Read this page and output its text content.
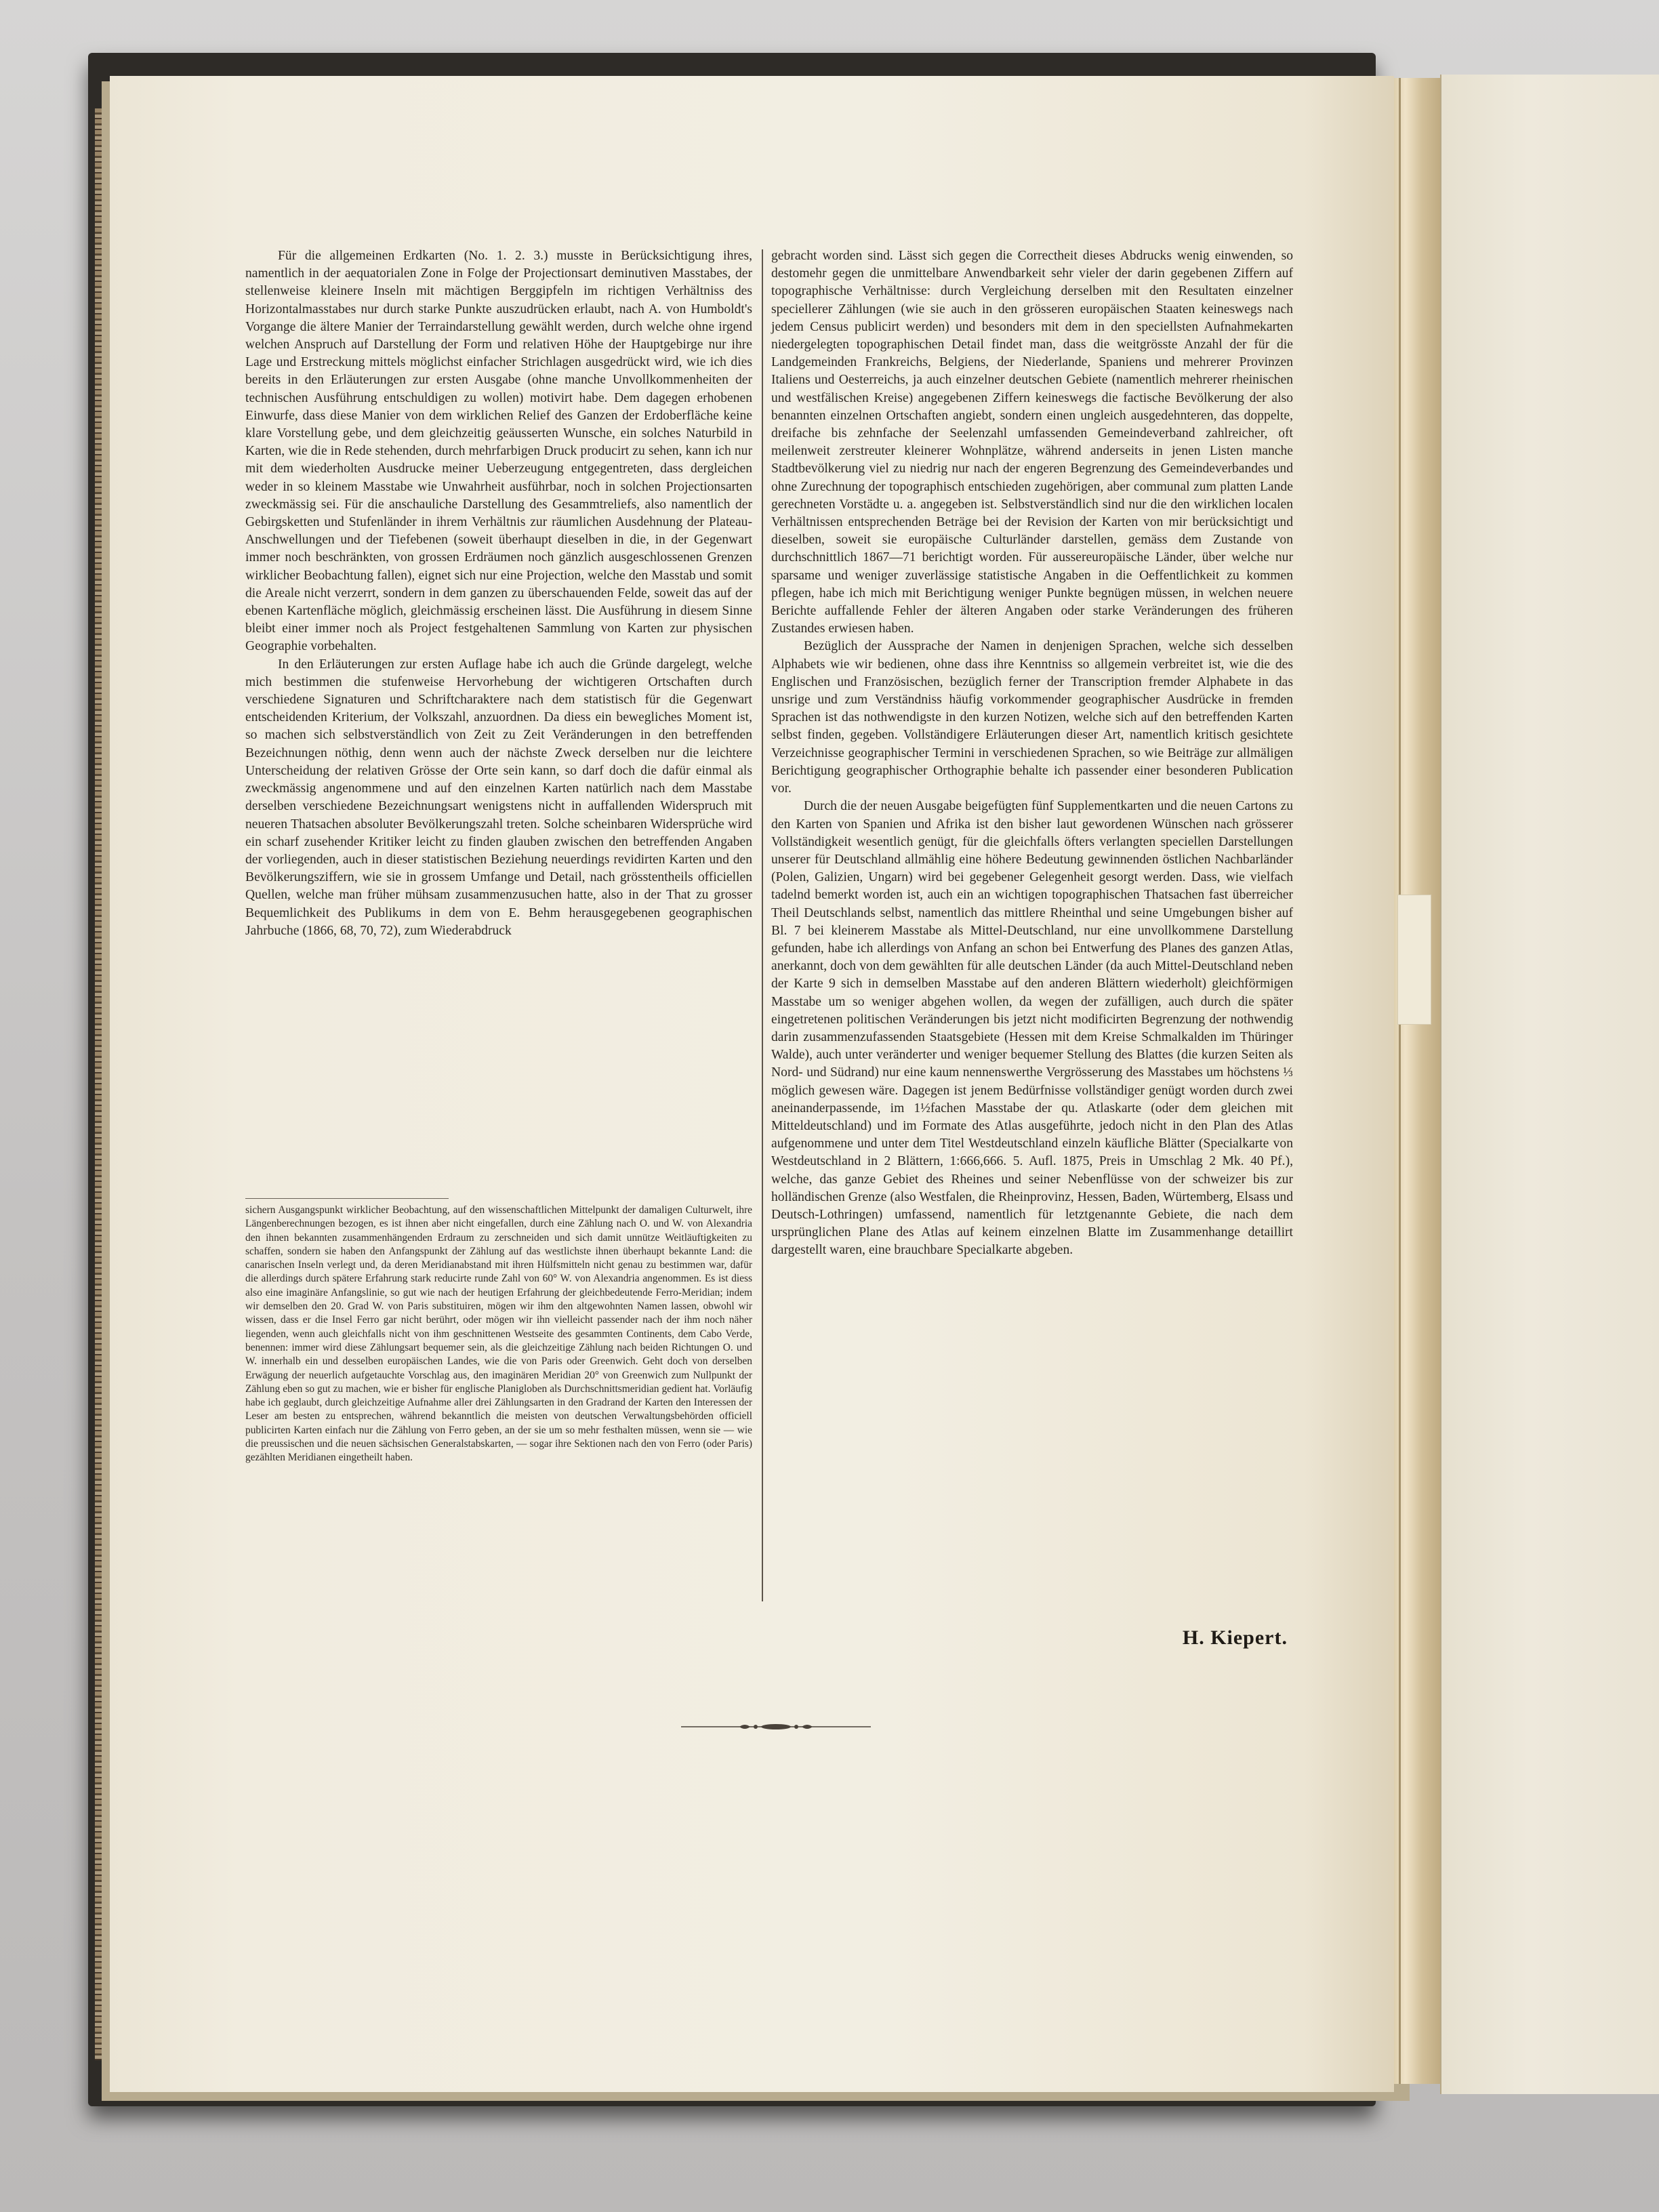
Für die allgemeinen Erdkarten (No. 1. 2. 3.) musste in Berücksichtigung ihres, namentlich in der aequatorialen Zone in Folge der Projectionsart deminutiven Masstabes, der stellenweise kleinere Inseln mit mächtigen Berggipfeln im richtigen Verhältniss des Horizontalmasstabes nur durch starke Punkte auszudrücken erlaubt, nach A. von Humboldt's Vorgange die ältere Manier der Terraindarstellung gewählt werden, durch welche ohne irgend welchen Anspruch auf Darstellung der Form und relativen Höhe der Hauptgebirge nur ihre Lage und Erstreckung mittels möglichst einfacher Strichlagen ausgedrückt wird, wie ich dies bereits in den Erläuterungen zur ersten Ausgabe (ohne manche Unvollkommenheiten der technischen Ausführung entschuldigen zu wollen) motivirt habe. Dem dagegen erhobenen Einwurfe, dass diese Manier von dem wirklichen Relief des Ganzen der Erdoberfläche keine klare Vorstellung gebe, und dem gleichzeitig geäusserten Wunsche, ein solches Naturbild in Karten, wie die in Rede stehenden, durch mehrfarbigen Druck producirt zu sehen, kann ich nur mit dem wiederholten Ausdrucke meiner Ueberzeugung entgegentreten, dass dergleichen weder in so kleinem Masstabe wie Unwahrheit ausführbar, noch in solchen Projectionsarten zweckmässig sei. Für die anschauliche Darstellung des Gesammtreliefs, also namentlich der Gebirgsketten und Stufenländer in ihrem Verhältnis zur räumlichen Ausdehnung der Plateau-Anschwellungen und der Tiefebenen (soweit überhaupt dieselben in die, in der Gegenwart immer noch beschränkten, von grossen Erdräumen noch gänzlich ausgeschlossenen Grenzen wirklicher Beobachtung fallen), eignet sich nur eine Projection, welche den Masstab und somit die Areale nicht verzerrt, sondern in dem ganzen zu überschauenden Felde, soweit das auf der ebenen Kartenfläche möglich, gleichmässig erscheinen lässt. Die Ausführung in diesem Sinne bleibt einer immer noch als Project festgehaltenen Sammlung von Karten zur physischen Geographie vorbehalten.

In den Erläuterungen zur ersten Auflage habe ich auch die Gründe dargelegt, welche mich bestimmen die stufenweise Hervorhebung der wichtigeren Ortschaften durch verschiedene Signaturen und Schriftcharaktere nach dem statistisch für die Gegenwart entscheidenden Kriterium, der Volkszahl, anzuordnen. Da diess ein bewegliches Moment ist, so machen sich selbstverständlich von Zeit zu Zeit Veränderungen in den betreffenden Bezeichnungen nöthig, denn wenn auch der nächste Zweck derselben nur die leichtere Unterscheidung der relativen Grösse der Orte sein kann, so darf doch die dafür einmal als zweckmässig angenommene und auf den einzelnen Karten natürlich nach dem Masstabe derselben verschiedene Bezeichnungsart wenigstens nicht in auffallenden Widerspruch mit neueren Thatsachen absoluter Bevölkerungszahl treten. Solche scheinbaren Widersprüche wird ein scharf zusehender Kritiker leicht zu finden glauben zwischen den betreffenden Angaben der vorliegenden, auch in dieser statistischen Beziehung neuerdings revidirten Karten und den Bevölkerungsziffern, wie sie in grossem Umfange und Detail, nach grösstentheils officiellen Quellen, welche man früher mühsam zusammenzusuchen hatte, also in der That zu grosser Bequemlichkeit des Publikums in dem von E. Behm herausgegebenen geographischen Jahrbuche (1866, 68, 70, 72), zum Wiederabdruck

sichern Ausgangspunkt wirklicher Beobachtung, auf den wissenschaftlichen Mittelpunkt der damaligen Culturwelt, ihre Längenberechnungen bezogen, es ist ihnen aber nicht eingefallen, durch eine Zählung nach O. und W. von Alexandria den ihnen bekannten zusammenhängenden Erdraum zu zerschneiden und sich damit unnütze Weitläuftigkeiten zu schaffen, sondern sie haben den Anfangspunkt der Zählung auf das westlichste ihnen überhaupt bekannte Land: die canarischen Inseln verlegt und, da deren Meridianabstand mit ihren Hülfsmitteln nicht genau zu bestimmen war, dafür die allerdings durch spätere Erfahrung stark reducirte runde Zahl von 60° W. von Alexandria angenommen. Es ist diess also eine imaginäre Anfangslinie, so gut wie nach der heutigen Erfahrung der gleichbedeutende Ferro-Meridian; indem wir demselben den 20. Grad W. von Paris substituiren, mögen wir ihm den altgewohnten Namen lassen, obwohl wir wissen, dass er die Insel Ferro gar nicht berührt, oder mögen wir ihn vielleicht passender nach der ihm noch näher liegenden, wenn auch gleichfalls nicht von ihm geschnittenen Westseite des gesammten Continents, dem Cabo Verde, benennen: immer wird diese Zählungsart bequemer sein, als die gleichzeitige Zählung nach beiden Richtungen O. und W. innerhalb ein und desselben europäischen Landes, wie die von Paris oder Greenwich. Geht doch von derselben Erwägung der neuerlich aufgetauchte Vorschlag aus, den imaginären Meridian 20° von Greenwich zum Nullpunkt der Zählung eben so gut zu machen, wie er bisher für englische Planigloben als Durchschnittsmeridian gedient hat. Vorläufig habe ich geglaubt, durch gleichzeitige Aufnahme aller drei Zählungsarten in den Gradrand der Karten den Interessen der Leser am besten zu entsprechen, während bekanntlich die meisten von deutschen Verwaltungsbehörden officiell publicirten Karten einfach nur die Zählung von Ferro geben, an der sie um so mehr festhalten müssen, wenn sie — wie die preussischen und die neuen sächsischen Generalstabskarten, — sogar ihre Sektionen nach den von Ferro (oder Paris) gezählten Meridianen eingetheilt haben.

gebracht worden sind. Lässt sich gegen die Correctheit dieses Abdrucks wenig einwenden, so destomehr gegen die unmittelbare Anwendbarkeit sehr vieler der darin gegebenen Ziffern auf topographische Verhältnisse: durch Vergleichung derselben mit den Resultaten einzelner speciellerer Zählungen (wie sie auch in den grösseren europäischen Staaten keineswegs nach jedem Census publicirt werden) und besonders mit dem in den speciellsten Aufnahmekarten niedergelegten topographischen Detail findet man, dass die weitgrösste Anzahl der für die Landgemeinden Frankreichs, Belgiens, der Niederlande, Spaniens und mehrerer Provinzen Italiens und Oesterreichs, ja auch einzelner deutschen Gebiete (namentlich mehrerer rheinischen und westfälischen Kreise) angegebenen Ziffern keineswegs die factische Bevölkerung der also benannten einzelnen Ortschaften angiebt, sondern einen ungleich ausgedehnteren, das doppelte, dreifache bis zehnfache der Seelenzahl umfassenden Gemeindeverband zahlreicher, oft meilenweit zerstreuter kleinerer Wohnplätze, während anderseits in jenen Listen manche Stadtbevölkerung viel zu niedrig nur nach der engeren Begrenzung des Gemeindeverbandes und ohne Zurechnung der topographisch entschieden zugehörigen, aber communal zum platten Lande gerechneten Vorstädte u. a. angegeben ist. Selbstverständlich sind nur die den wirklichen localen Verhältnissen entsprechenden Beträge bei der Revision der Karten von mir berücksichtigt und dieselben, soweit sie europäische Culturländer darstellen, gemäss dem Zustande von durchschnittlich 1867—71 berichtigt worden. Für aussereuropäische Länder, über welche nur sparsame und weniger zuverlässige statistische Angaben in die Oeffentlichkeit zu kommen pflegen, habe ich mich mit Berichtigung weniger Punkte begnügen müssen, in welchen neuere Berichte auffallende Fehler der älteren Angaben oder starke Veränderungen des früheren Zustandes erwiesen haben.

Bezüglich der Aussprache der Namen in denjenigen Sprachen, welche sich desselben Alphabets wie wir bedienen, ohne dass ihre Kenntniss so allgemein verbreitet ist, wie die des Englischen und Französischen, bezüglich ferner der Transcription fremder Alphabete in das unsrige und zum Verständniss häufig vorkommender geographischer Ausdrücke in fremden Sprachen ist das nothwendigste in den kurzen Notizen, welche sich auf den betreffenden Karten selbst finden, gegeben. Vollständigere Erläuterungen dieser Art, namentlich kritisch gesichtete Verzeichnisse geographischer Termini in verschiedenen Sprachen, so wie Beiträge zur allmäligen Berichtigung geographischer Orthographie behalte ich passender einer besonderen Publication vor.

Durch die der neuen Ausgabe beigefügten fünf Supplementkarten und die neuen Cartons zu den Karten von Spanien und Afrika ist den bisher laut gewordenen Wünschen nach grösserer Vollständigkeit wesentlich genügt, für die gleichfalls öfters verlangten speciellen Darstellungen unserer für Deutschland allmählig eine höhere Bedeutung gewinnenden östlichen Nachbarländer (Polen, Galizien, Ungarn) wird bei gegebener Gelegenheit gesorgt werden. Dass, wie vielfach tadelnd bemerkt worden ist, auch ein an wichtigen topographischen Thatsachen fast überreicher Theil Deutschlands selbst, namentlich das mittlere Rheinthal und seine Umgebungen bisher auf Bl. 7 bei kleinerem Masstabe als Mittel-Deutschland, nur eine unvollkommene Darstellung gefunden, habe ich allerdings von Anfang an schon bei Entwerfung des Planes des ganzen Atlas, anerkannt, doch von dem gewählten für alle deutschen Länder (da auch Mittel-Deutschland neben der Karte 9 sich in demselben Masstabe auf den anderen Blättern wiederholt) gleichförmigen Masstabe um so weniger abgehen wollen, da wegen der zufälligen, auch durch die später eingetretenen politischen Veränderungen bis jetzt nicht modificirten Begrenzung der nothwendig darin zusammenzufassenden Staatsgebiete (Hessen mit dem Kreise Schmalkalden im Thüringer Walde), auch unter veränderter und weniger bequemer Stellung des Blattes (die kurzen Seiten als Nord- und Südrand) nur eine kaum nennenswerthe Vergrösserung des Masstabes um höchstens ⅓ möglich gewesen wäre. Dagegen ist jenem Bedürfnisse vollständiger genügt worden durch zwei aneinanderpassende, im 1½fachen Masstabe der qu. Atlaskarte (oder dem gleichen mit Mitteldeutschland) und im Formate des Atlas ausgeführte, jedoch nicht in den Plan des Atlas aufgenommene und unter dem Titel Westdeutschland einzeln käufliche Blätter (Specialkarte von Westdeutschland in 2 Blättern, 1:666,666. 5. Aufl. 1875, Preis in Umschlag 2 Mk. 40 Pf.), welche, das ganze Gebiet des Rheines und seiner Nebenflüsse von der schweizer bis zur holländischen Grenze (also Westfalen, die Rheinprovinz, Hessen, Baden, Würtemberg, Elsass und Deutsch-Lothringen) umfassend, namentlich für letztgenannte Gebiete, die nach dem ursprünglichen Plane des Atlas auf keinem einzelnen Blatte im Zusammenhange detaillirt dargestellt waren, eine brauchbare Specialkarte abgeben.

H. Kiepert.
